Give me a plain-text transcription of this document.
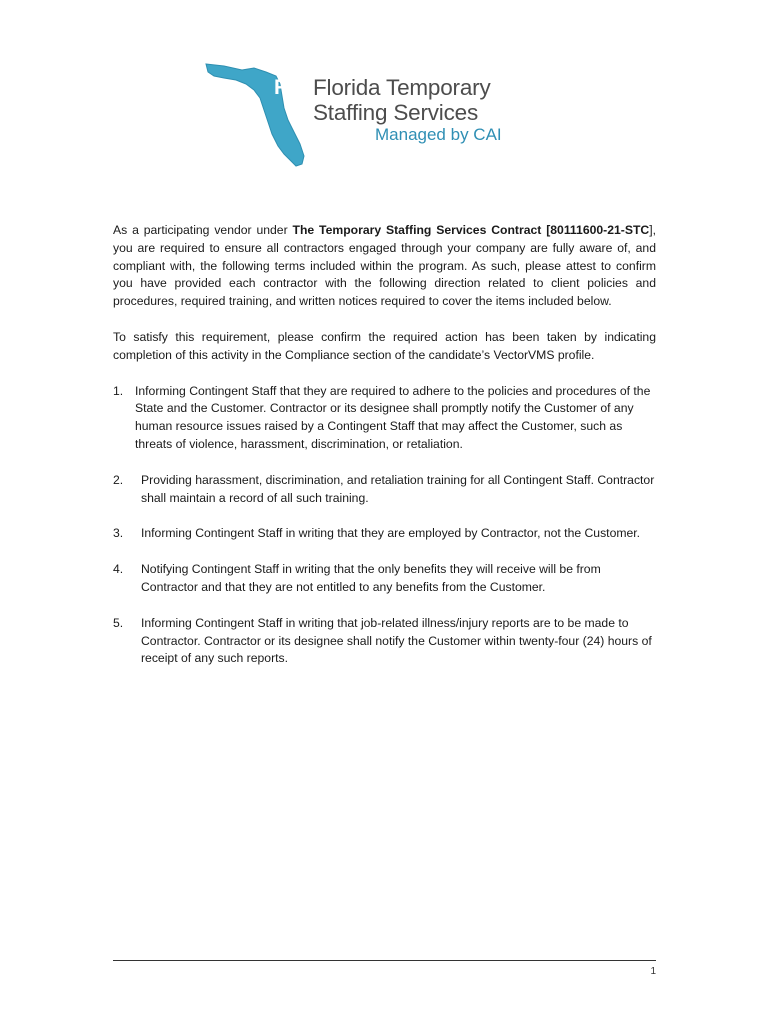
FL Florida Temporary
Staffing Services
Managed by CAI

As a participating vendor under The Temporary Staffing Services Contract [80111600-21-STC], you are required to ensure all contractors engaged through your company are fully aware of, and compliant with, the following terms included within the program. As such, please attest to confirm you have provided each contractor with the following direction related to client policies and procedures, required training, and written notices required to cover the items included below.

To satisfy this requirement, please confirm the required action has been taken by indicating completion of this activity in the Compliance section of the candidate’s VectorVMS profile.

1. Informing Contingent Staff that they are required to adhere to the policies and procedures of the State and the Customer. Contractor or its designee shall promptly notify the Customer of any human resource issues raised by a Contingent Staff that may affect the Customer, such as threats of violence, harassment, discrimination, or retaliation.
2. Providing harassment, discrimination, and retaliation training for all Contingent Staff. Contractor shall maintain a record of all such training.
3. Informing Contingent Staff in writing that they are employed by Contractor, not the Customer.
4. Notifying Contingent Staff in writing that the only benefits they will receive will be from Contractor and that they are not entitled to any benefits from the Customer.
5. Informing Contingent Staff in writing that job-related illness/injury reports are to be made to Contractor. Contractor or its designee shall notify the Customer within twenty-four (24) hours of receipt of any such reports.
1
